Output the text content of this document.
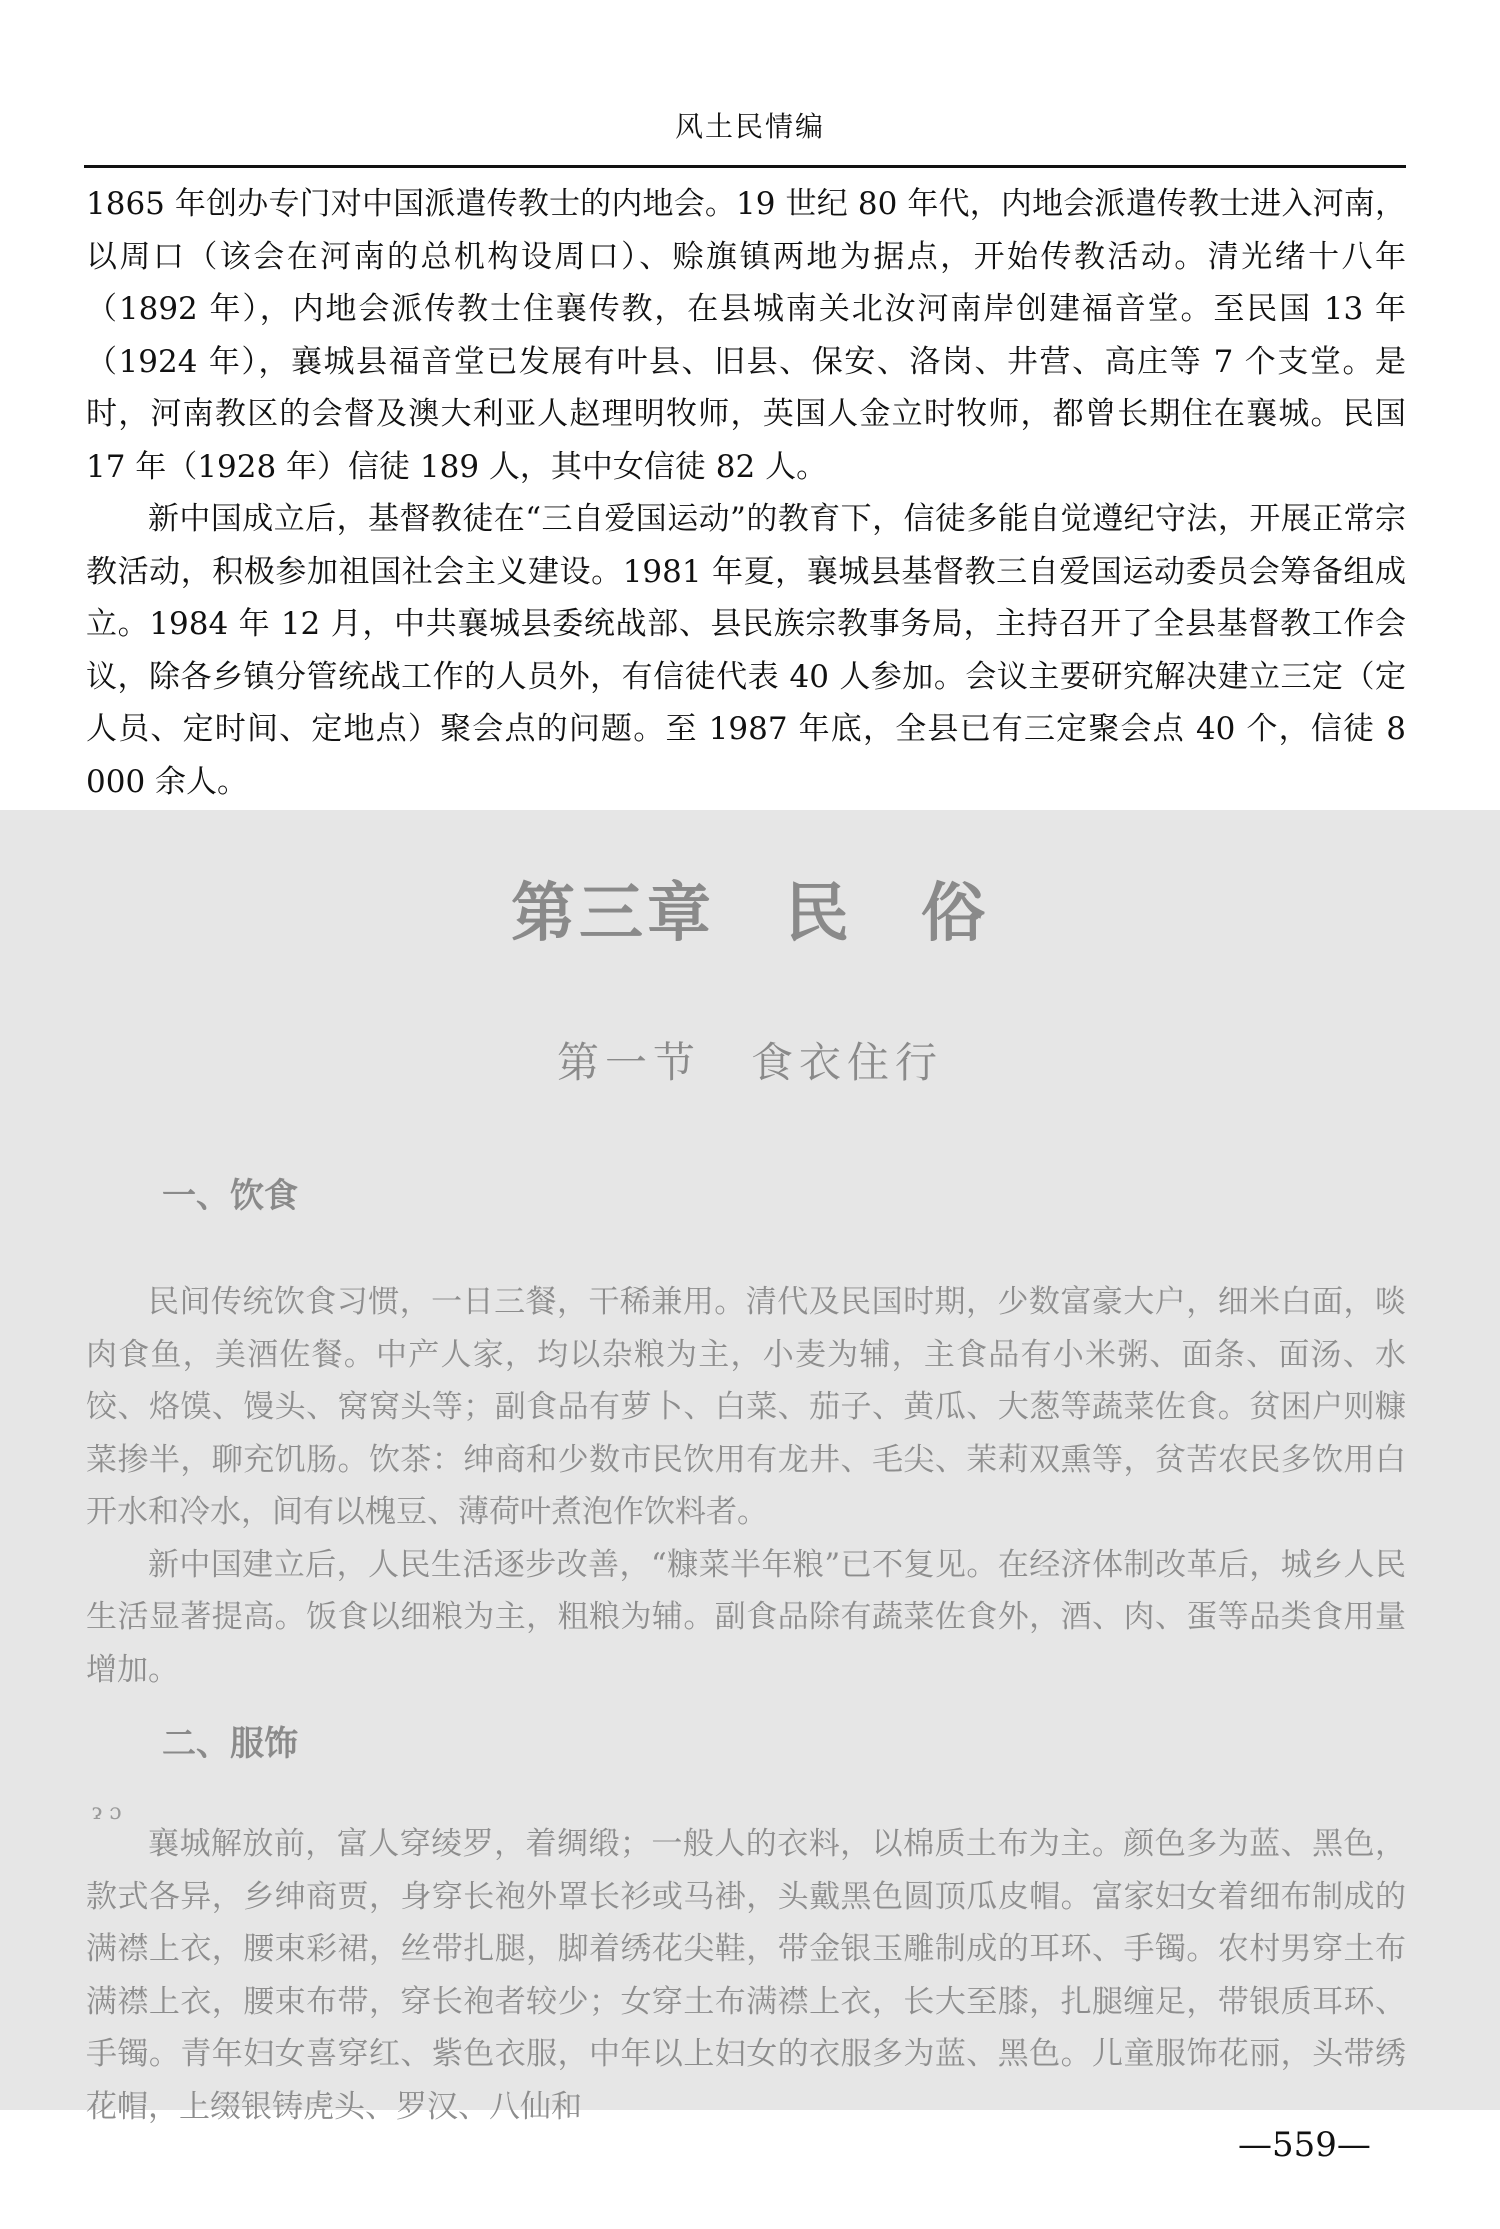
风土民情编

1865 年创办专门对中国派遣传教士的内地会。19 世纪 80 年代，内地会派遣传教士进入河南，以周口（该会在河南的总机构设周口）、赊旗镇两地为据点，开始传教活动。清光绪十八年（1892 年），内地会派传教士住襄传教，在县城南关北汝河南岸创建福音堂。至民国 13 年（1924 年），襄城县福音堂已发展有叶县、旧县、保安、洛岗、井营、高庄等 7 个支堂。是时，河南教区的会督及澳大利亚人赵理明牧师，英国人金立时牧师，都曾长期住在襄城。民国 17 年（1928 年）信徒 189 人，其中女信徒 82 人。

新中国成立后，基督教徒在“三自爱国运动”的教育下，信徒多能自觉遵纪守法，开展正常宗教活动，积极参加祖国社会主义建设。1981 年夏，襄城县基督教三自爱国运动委员会筹备组成立。1984 年 12 月，中共襄城县委统战部、县民族宗教事务局，主持召开了全县基督教工作会议，除各乡镇分管统战工作的人员外，有信徒代表 40 人参加。会议主要研究解决建立三定（定人员、定时间、定地点）聚会点的问题。至 1987 年底，全县已有三定聚会点 40 个，信徒 8 000 余人。

第三章 民　俗
第一节 食衣住行
一、饮食

民间传统饮食习惯，一日三餐，干稀兼用。清代及民国时期，少数富豪大户，细米白面，啖肉食鱼，美酒佐餐。中产人家，均以杂粮为主，小麦为辅，主食品有小米粥、面条、面汤、水饺、烙馍、馒头、窝窝头等；副食品有萝卜、白菜、茄子、黄瓜、大葱等蔬菜佐食。贫困户则糠菜掺半，聊充饥肠。饮茶：绅商和少数市民饮用有龙井、毛尖、茉莉双熏等，贫苦农民多饮用白开水和冷水，间有以槐豆、薄荷叶煮泡作饮料者。

新中国建立后，人民生活逐步改善，“糠菜半年粮”已不复见。在经济体制改革后，城乡人民生活显著提高。饭食以细粮为主，粗粮为辅。副食品除有蔬菜佐食外，酒、肉、蛋等品类食用量增加。

二、服饰
ɂ ɔ

襄城解放前，富人穿绫罗，着绸缎；一般人的衣料，以棉质土布为主。颜色多为蓝、黑色，款式各异，乡绅商贾，身穿长袍外罩长衫或马褂，头戴黑色圆顶瓜皮帽。富家妇女着细布制成的满襟上衣，腰束彩裙，丝带扎腿，脚着绣花尖鞋，带金银玉雕制成的耳环、手镯。农村男穿土布满襟上衣，腰束布带，穿长袍者较少；女穿土布满襟上衣，长大至膝，扎腿缠足，带银质耳环、手镯。青年妇女喜穿红、紫色衣服，中年以上妇女的衣服多为蓝、黑色。儿童服饰花丽，头带绣花帽，上缀银铸虎头、罗汉、八仙和

—559—
